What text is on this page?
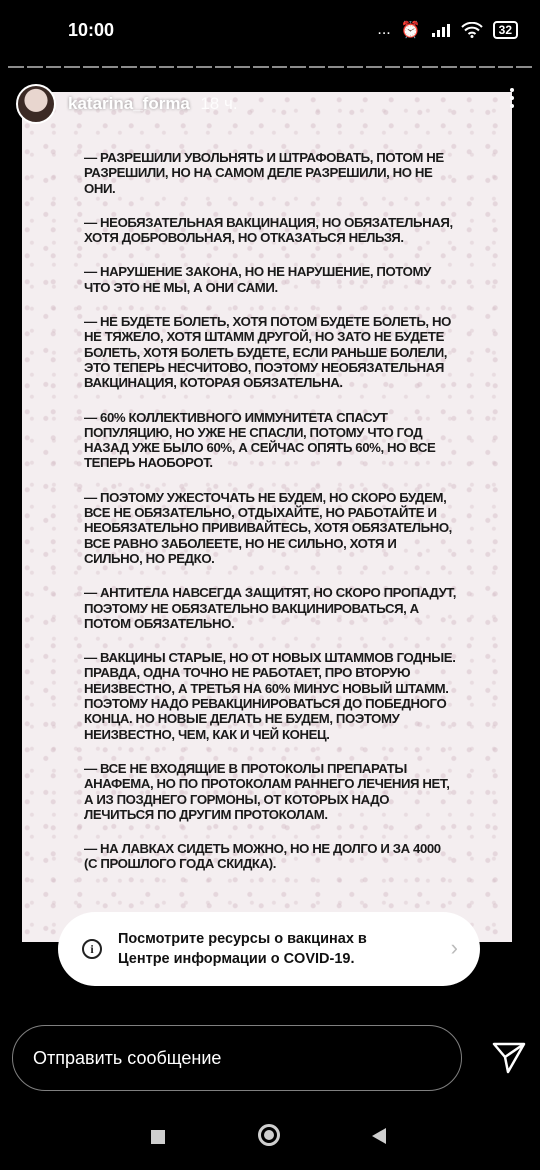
10:00	... ⏰	32

— РАЗРЕШИЛИ УВОЛЬНЯТЬ И ШТРАФОВАТЬ, ПОТОМ НЕ РАЗРЕШИЛИ, НО НА САМОМ ДЕЛЕ РАЗРЕШИЛИ, НО НЕ ОНИ.

— НЕОБЯЗАТЕЛЬНАЯ ВАКЦИНАЦИЯ, НО ОБЯЗАТЕЛЬНАЯ, ХОТЯ ДОБРОВОЛЬНАЯ, НО ОТКАЗАТЬСЯ НЕЛЬЗЯ.

— НАРУШЕНИЕ ЗАКОНА, НО НЕ НАРУШЕНИЕ, ПОТОМУ ЧТО ЭТО НЕ МЫ, А ОНИ САМИ.

— НЕ БУДЕТЕ БОЛЕТЬ, ХОТЯ ПОТОМ БУДЕТЕ БОЛЕТЬ, НО НЕ ТЯЖЕЛО, ХОТЯ ШТАММ ДРУГОЙ, НО ЗАТО НЕ БУДЕТЕ БОЛЕТЬ, ХОТЯ БОЛЕТЬ БУДЕТЕ, ЕСЛИ РАНЬШЕ БОЛЕЛИ, ЭТО ТЕПЕРЬ НЕСЧИТОВО, ПОЭТОМУ НЕОБЯЗАТЕЛЬНАЯ ВАКЦИНАЦИЯ, КОТОРАЯ ОБЯЗАТЕЛЬНА.

— 60% КОЛЛЕКТИВНОГО ИММУНИТЕТА СПАСУТ ПОПУЛЯЦИЮ, НО УЖЕ НЕ СПАСЛИ, ПОТОМУ ЧТО ГОД НАЗАД УЖЕ БЫЛО 60%, А СЕЙЧАС ОПЯТЬ 60%, НО ВСЕ ТЕПЕРЬ НАОБОРОТ.

— ПОЭТОМУ УЖЕСТОЧАТЬ НЕ БУДЕМ, НО СКОРО БУДЕМ, ВСЕ НЕ ОБЯЗАТЕЛЬНО, ОТДЫХАЙТЕ, НО РАБОТАЙТЕ И НЕОБЯЗАТЕЛЬНО ПРИВИВАЙТЕСЬ, ХОТЯ ОБЯЗАТЕЛЬНО, ВСЕ РАВНО ЗАБОЛЕЕТЕ, НО НЕ СИЛЬНО, ХОТЯ И СИЛЬНО, НО РЕДКО.

— АНТИТЕЛА НАВСЕГДА ЗАЩИТЯТ, НО СКОРО ПРОПАДУТ, ПОЭТОМУ НЕ ОБЯЗАТЕЛЬНО ВАКЦИНИРОВАТЬСЯ, А ПОТОМ ОБЯЗАТЕЛЬНО.

— ВАКЦИНЫ СТАРЫЕ, НО ОТ НОВЫХ ШТАММОВ ГОДНЫЕ. ПРАВДА, ОДНА ТОЧНО НЕ РАБОТАЕТ, ПРО ВТОРУЮ НЕИЗВЕСТНО, А ТРЕТЬЯ НА 60% МИНУС НОВЫЙ ШТАММ. ПОЭТОМУ НАДО РЕВАКЦИНИРОВАТЬСЯ ДО ПОБЕДНОГО КОНЦА. НО НОВЫЕ ДЕЛАТЬ НЕ БУДЕМ, ПОЭТОМУ НЕИЗВЕСТНО, ЧЕМ, КАК И ЧЕЙ КОНЕЦ.

— ВСЕ НЕ ВХОДЯЩИЕ В ПРОТОКОЛЫ ПРЕПАРАТЫ АНАФЕМА, НО ПО ПРОТОКОЛАМ РАННЕГО ЛЕЧЕНИЯ НЕТ, А ИЗ ПОЗДНЕГО ГОРМОНЫ, ОТ КОТОРЫХ НАДО ЛЕЧИТЬСЯ ПО ДРУГИМ ПРОТОКОЛАМ.

— НА ЛАВКАХ СИДЕТЬ МОЖНО, НО НЕ ДОЛГО И ЗА 4000 (С ПРОШЛОГО ГОДА СКИДКА).

katarina_forma 18 ч.
i
Посмотрите ресурсы о вакцинах в Центре информации о COVID-19.	›
Отправить сообщение
